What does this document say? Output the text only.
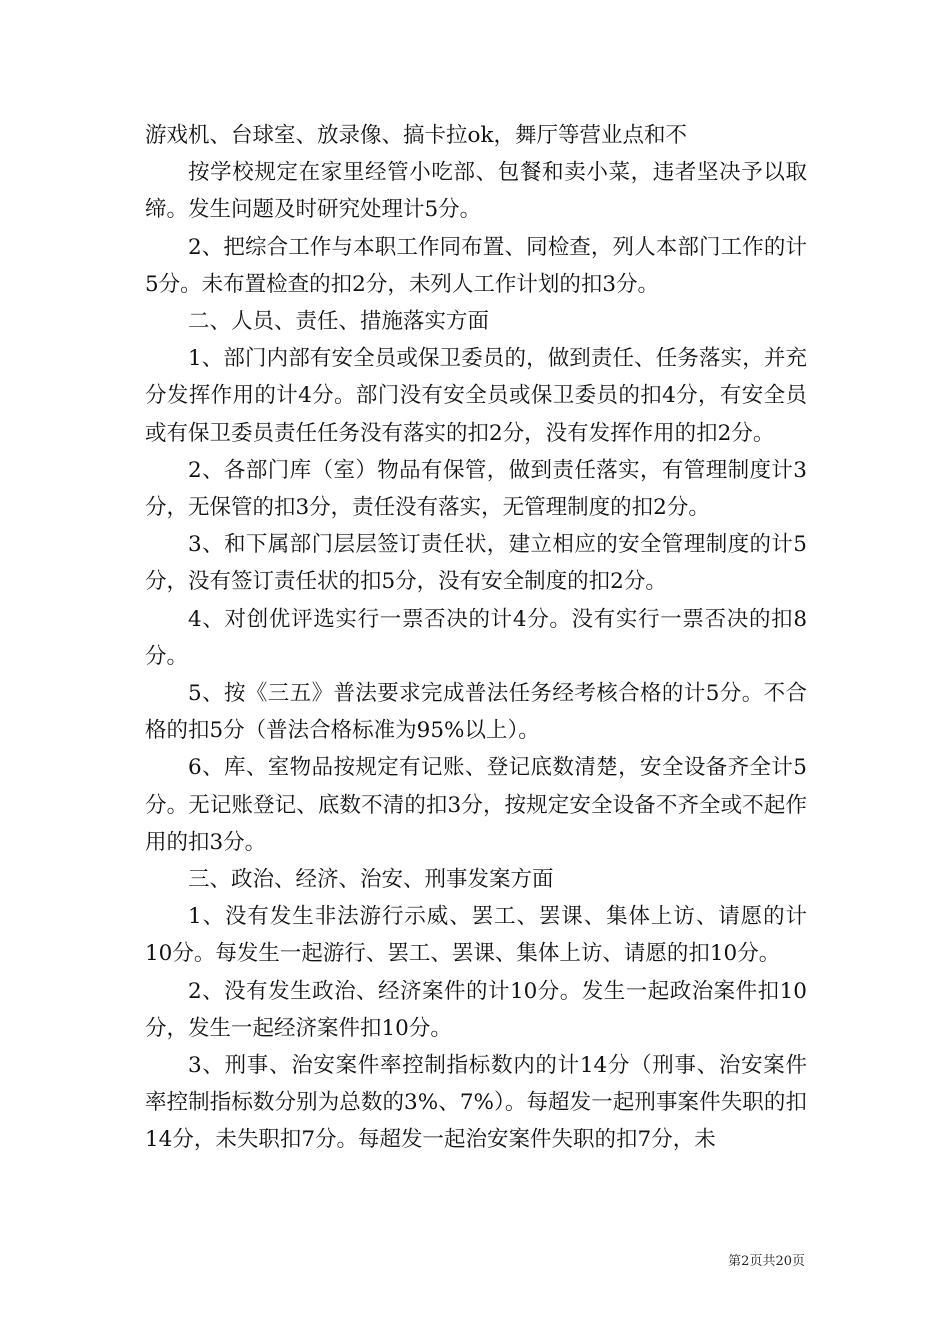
游戏机、台球室、放录像、搞卡拉ok，舞厅等营业点和不

按学校规定在家里经管小吃部、包餐和卖小菜，违者坚决予以取缔。发生问题及时研究处理计5分。

2、把综合工作与本职工作同布置、同检查，列人本部门工作的计5分。未布置检查的扣2分，未列人工作计划的扣3分。

二、人员、责任、措施落实方面

1、部门内部有安全员或保卫委员的，做到责任、任务落实，并充分发挥作用的计4分。部门没有安全员或保卫委员的扣4分，有安全员或有保卫委员责任任务没有落实的扣2分，没有发挥作用的扣2分。

2、各部门库（室）物品有保管，做到责任落实，有管理制度计3分，无保管的扣3分，责任没有落实，无管理制度的扣2分。

3、和下属部门层层签订责任状，建立相应的安全管理制度的计5分，没有签订责任状的扣5分，没有安全制度的扣2分。

4、对创优评选实行一票否决的计4分。没有实行一票否决的扣8分。

5、按《三五》普法要求完成普法任务经考核合格的计5分。不合格的扣5分（普法合格标准为95%以上）。

6、库、室物品按规定有记账、登记底数清楚，安全设备齐全计5分。无记账登记、底数不清的扣3分，按规定安全设备不齐全或不起作用的扣3分。

三、政治、经济、治安、刑事发案方面

1、没有发生非法游行示威、罢工、罢课、集体上访、请愿的计10分。每发生一起游行、罢工、罢课、集体上访、请愿的扣10分。

2、没有发生政治、经济案件的计10分。发生一起政治案件扣10分，发生一起经济案件扣10分。

3、刑事、治安案件率控制指标数内的计14分（刑事、治安案件率控制指标数分别为总数的3%、7%）。每超发一起刑事案件失职的扣14分，未失职扣7分。每超发一起治安案件失职的扣7分，未

第2页共20页
